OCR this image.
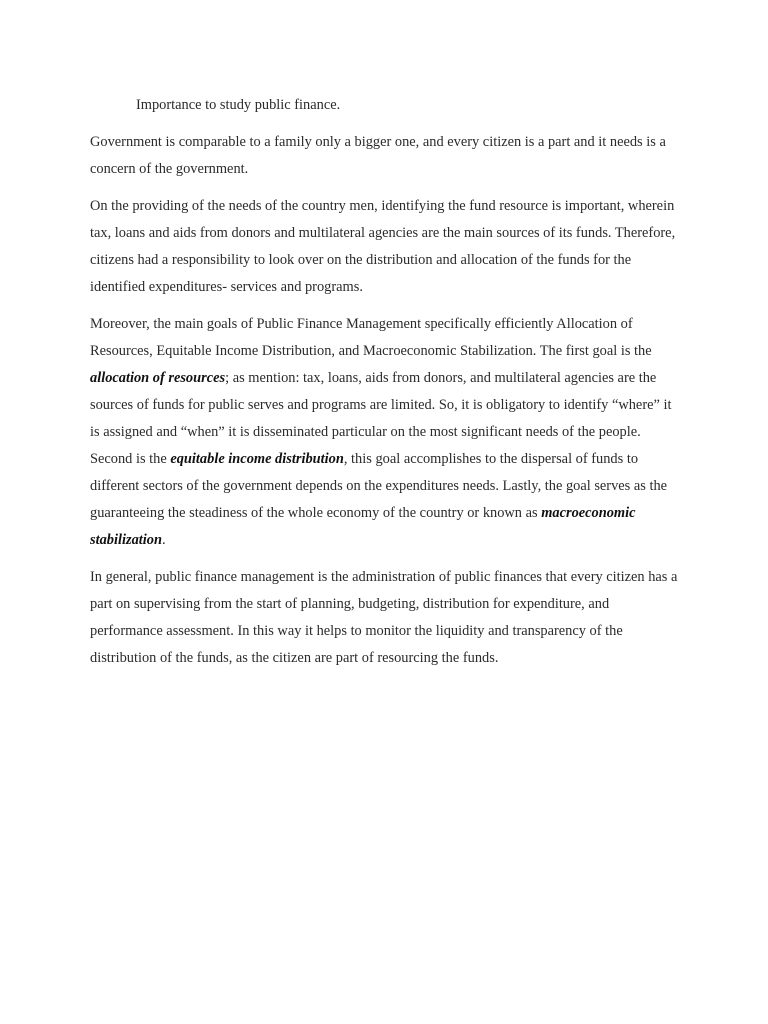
Importance to study public finance.

Government is comparable to a family only a bigger one, and every citizen is a part and it needs is a concern of the government.

On the providing of the needs of the country men, identifying the fund resource is important, wherein tax, loans and aids from donors and multilateral agencies are the main sources of its funds. Therefore, citizens had a responsibility to look over on the distribution and allocation of the funds for the identified expenditures- services and programs.

Moreover, the main goals of Public Finance Management specifically efficiently Allocation of Resources, Equitable Income Distribution, and Macroeconomic Stabilization. The first goal is the allocation of resources; as mention: tax, loans, aids from donors, and multilateral agencies are the sources of funds for public serves and programs are limited. So, it is obligatory to identify “where” it is assigned and “when” it is disseminated particular on the most significant needs of the people. Second is the equitable income distribution, this goal accomplishes to the dispersal of funds to different sectors of the government depends on the expenditures needs. Lastly, the goal serves as the guaranteeing the steadiness of the whole economy of the country or known as macroeconomic stabilization.

In general, public finance management is the administration of public finances that every citizen has a part on supervising from the start of planning, budgeting, distribution for expenditure, and performance assessment. In this way it helps to monitor the liquidity and transparency of the distribution of the funds, as the citizen are part of resourcing the funds.
